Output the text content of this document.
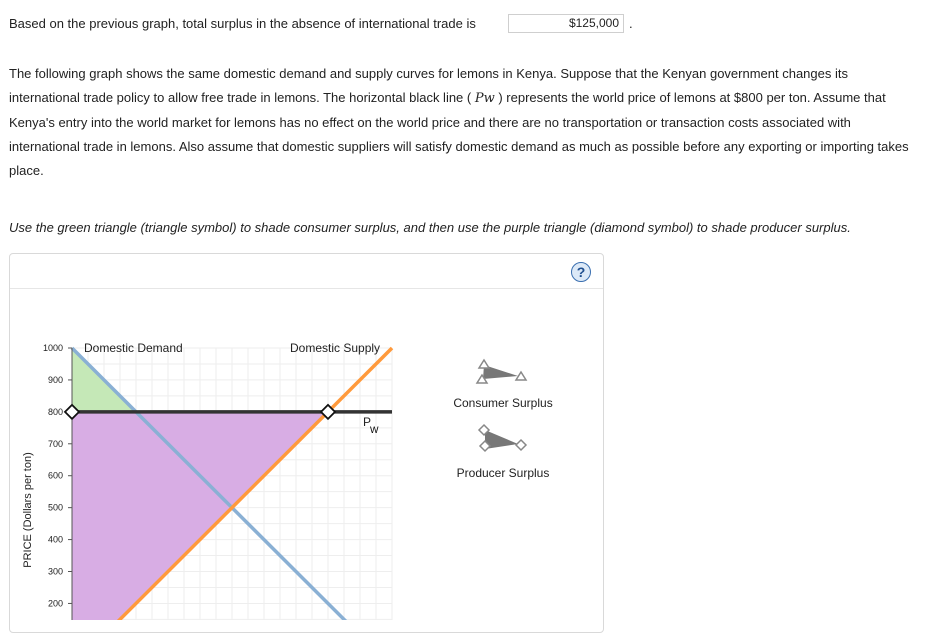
Based on the previous graph, total surplus in the absence of international trade is	$125,000 .
The following graph shows the same domestic demand and supply curves for lemons in Kenya. Suppose that the Kenyan government changes its international trade policy to allow free trade in lemons. The horizontal black line ( Pw ) represents the world price of lemons at $800 per ton. Assume that Kenya's entry into the world market for lemons has no effect on the world price and there are no transportation or transaction costs associated with international trade in lemons. Also assume that domestic suppliers will satisfy domestic demand as much as possible before any exporting or importing takes place.
Use the green triangle (triangle symbol) to shade consumer surplus, and then use the purple triangle (diamond symbol) to shade producer surplus.
?
1000
900
800
700
600
500
400
300
200
PRICE (Dollars per ton)
Domestic Demand	Domestic Supply
P
W
Consumer Surplus
Producer Surplus
